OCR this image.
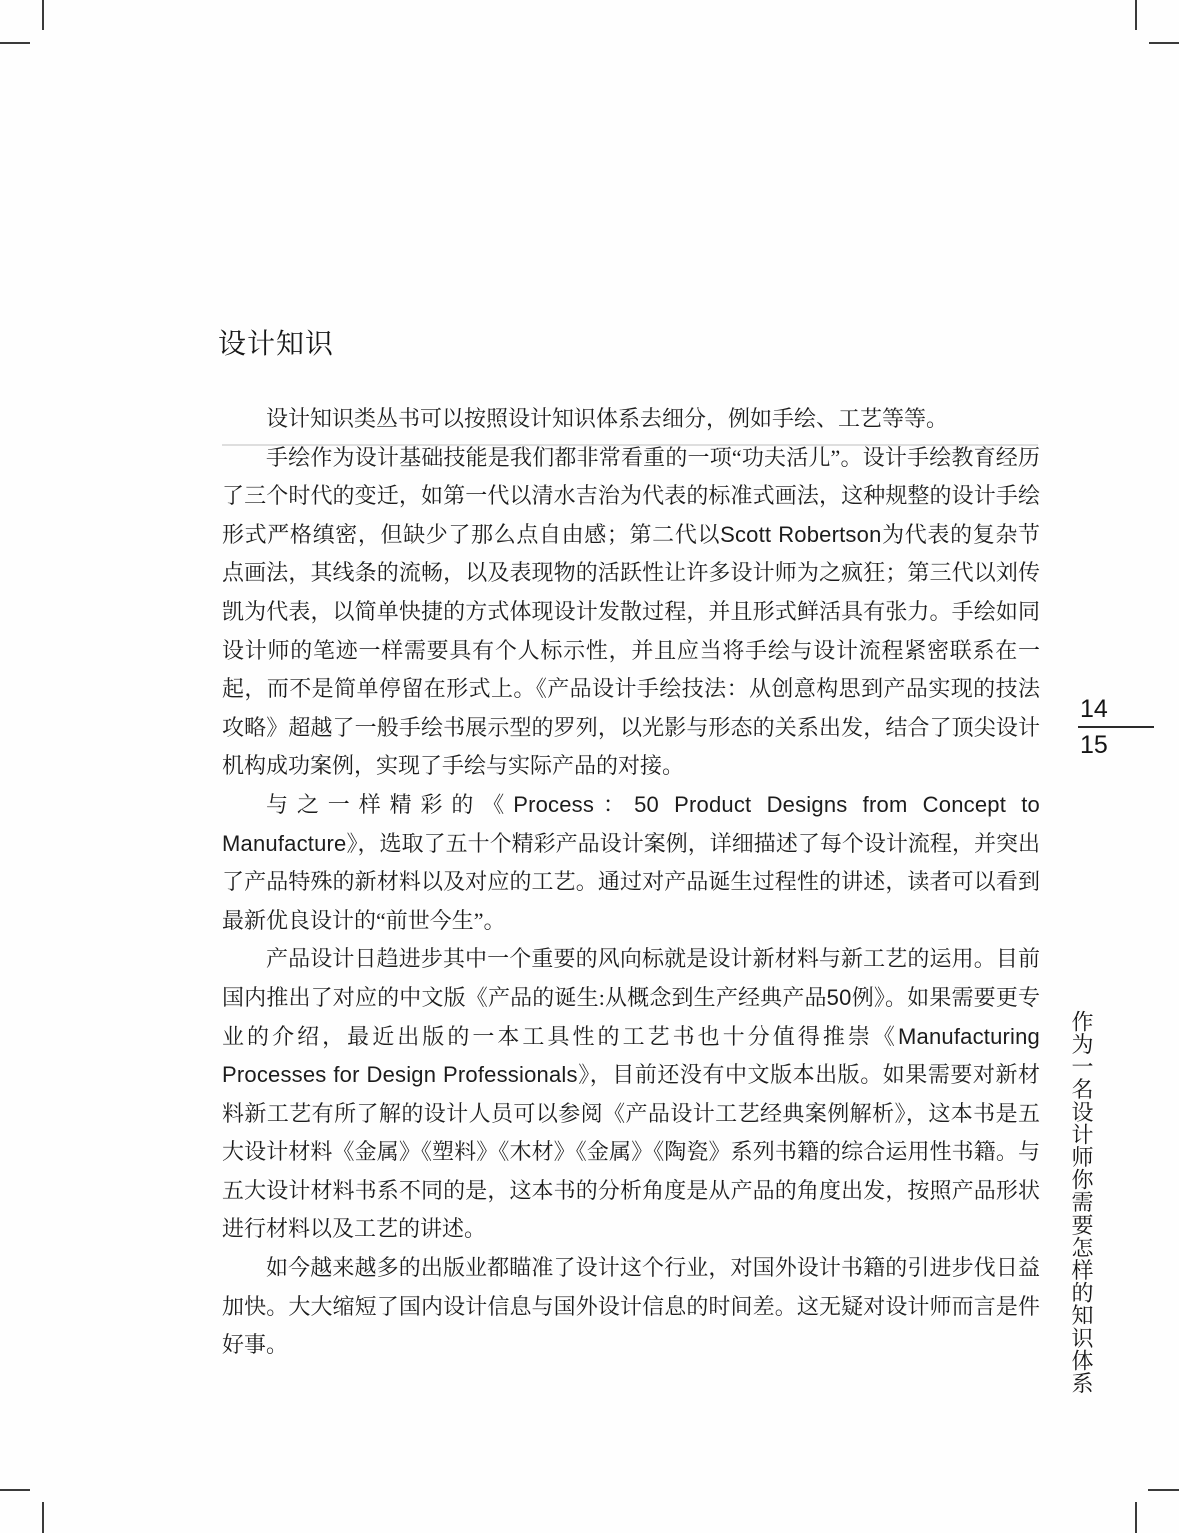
设计知识

设计知识类丛书可以按照设计知识体系去细分，例如手绘、工艺等等。

手绘作为设计基础技能是我们都非常看重的一项“功夫活儿”。设计手绘教育经历了三个时代的变迁，如第一代以清水吉治为代表的标准式画法，这种规整的设计手绘形式严格缜密，但缺少了那么点自由感；第二代以Scott Robertson为代表的复杂节点画法，其线条的流畅，以及表现物的活跃性让许多设计师为之疯狂；第三代以刘传凯为代表，以简单快捷的方式体现设计发散过程，并且形式鲜活具有张力。手绘如同设计师的笔迹一样需要具有个人标示性，并且应当将手绘与设计流程紧密联系在一起，而不是简单停留在形式上。《产品设计手绘技法：从创意构思到产品实现的技法攻略》超越了一般手绘书展示型的罗列，以光影与形态的关系出发，结合了顶尖设计机构成功案例，实现了手绘与实际产品的对接。

与之一样精彩的《Process：50 Product Designs from Concept to Manufacture》，选取了五十个精彩产品设计案例，详细描述了每个设计流程，并突出了产品特殊的新材料以及对应的工艺。通过对产品诞生过程性的讲述，读者可以看到最新优良设计的“前世今生”。

产品设计日趋进步其中一个重要的风向标就是设计新材料与新工艺的运用。目前国内推出了对应的中文版《产品的诞生:从概念到生产经典产品50例》。如果需要更专业的介绍，最近出版的一本工具性的工艺书也十分值得推崇《Manufacturing Processes for Design Professionals》，目前还没有中文版本出版。如果需要对新材料新工艺有所了解的设计人员可以参阅《产品设计工艺经典案例解析》，这本书是五大设计材料《金属》《塑料》《木材》《金属》《陶瓷》系列书籍的综合运用性书籍。与五大设计材料书系不同的是，这本书的分析角度是从产品的角度出发，按照产品形状进行材料以及工艺的讲述。

如今越来越多的出版业都瞄准了设计这个行业，对国外设计书籍的引进步伐日益加快。大大缩短了国内设计信息与国外设计信息的时间差。这无疑对设计师而言是件好事。

14
15
作为一名设计师你需要怎样的知识体系
